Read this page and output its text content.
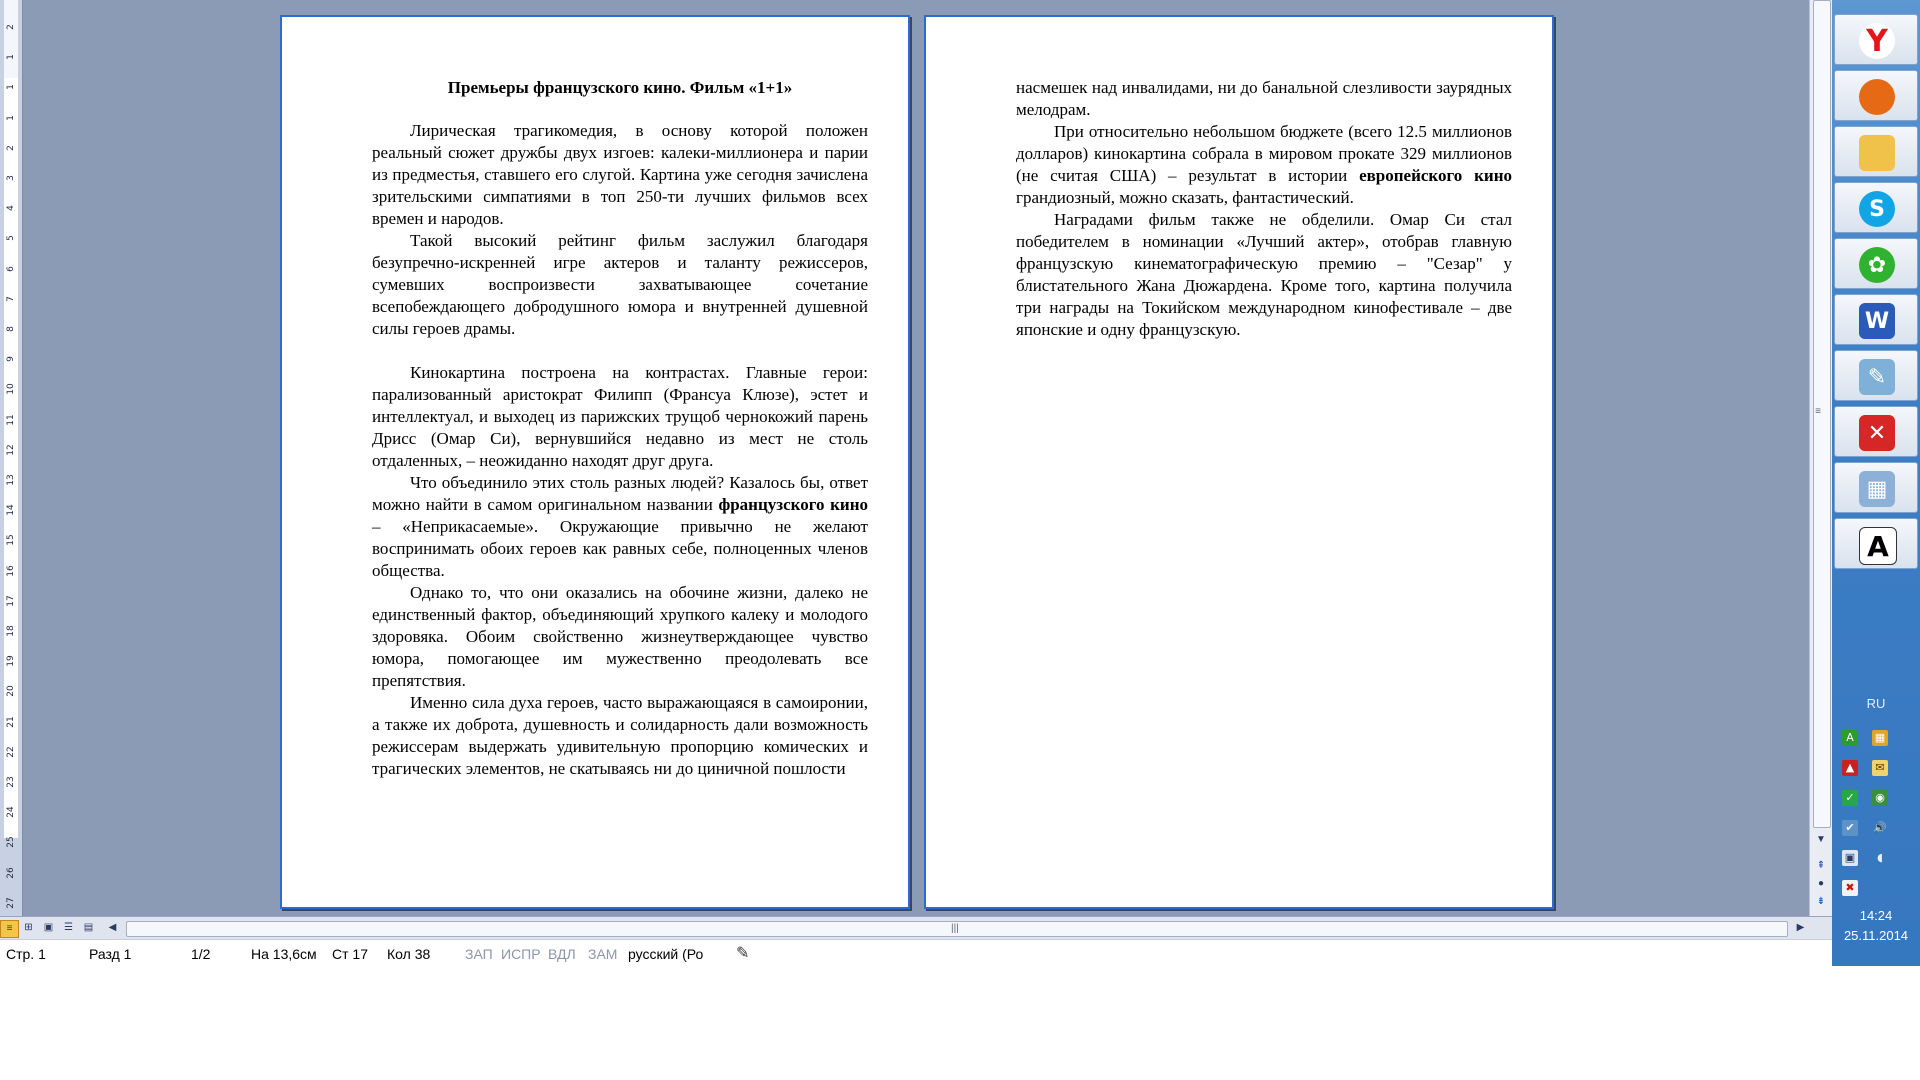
2
1
1
1
2
3
4
5
6
7
8
9
10
11
12
13
14
15
16
17
18
19
20
21
22
23
24
25
26
27
Премьеры французского кино. Фильм «1+1»

Лирическая трагикомедия, в основу которой положен реальный сюжет дружбы двух изгоев: калеки-миллионера и парии из предместья, ставшего его слугой. Картина уже сегодня зачислена зрительскими симпатиями в топ 250-ти лучших фильмов всех времен и народов.

Такой высокий рейтинг фильм заслужил благодаря безупречно-искренней игре актеров и таланту режиссеров, сумевших воспроизвести захватывающее сочетание всепобеждающего добродушного юмора и внутренней душевной силы героев драмы.

Кинокартина построена на контрастах. Главные герои: парализованный аристократ Филипп (Франсуа Клюзе), эстет и интеллектуал, и выходец из парижских трущоб чернокожий парень Дрисс (Омар Си), вернувшийся недавно из мест не столь отдаленных, – неожиданно находят друг друга.

Что объединило этих столь разных людей? Казалось бы, ответ можно найти в самом оригинальном названии французского кино – «Неприкасаемые». Окружающие привычно не желают воспринимать обоих героев как равных себе, полноценных членов общества.

Однако то, что они оказались на обочине жизни, далеко не единственный фактор, объединяющий хрупкого калеку и молодого здоровяка. Обоим свойственно жизнеутверждающее чувство юмора, помогающее им мужественно преодолевать все препятствия.

Именно сила духа героев, часто выражающаяся в самоиронии, а также их доброта, душевность и солидарность дали возможность режиссерам выдержать удивительную пропорцию комических и трагических элементов, не скатываясь ни до циничной пошлости

насмешек над инвалидами, ни до банальной слезливости заурядных мелодрам.

При относительно небольшом бюджете (всего 12.5 миллионов долларов) кинокартина собрала в мировом прокате 329 миллионов (не считая США) – результат в истории европейского кино грандиозный, можно сказать, фантастический.

Наградами фильм также не обделили. Омар Си стал победителем в номинации «Лучший актер», отобрав главную французскую кинематографическую премию – "Сезар" у блистательного Жана Дюжардена. Кроме того, картина получила три награды на Токийском международном кинофестивале – две японские и одну французскую.

≡
▼
⇞
●
⇟
≡	⊞	▣	☰	▤	◀	|||	▶
Стр. 1	Разд 1	1/2	На 13,6см Ст 17 Кол 38 ЗАП ИСПР ВДЛ ЗАМ русский (Ро ✎
Y
S
✿
W
✎
✕
▦
A
RU
A	▦
▲	✉
✓	◉
✔	🔊
▣	◖
✖
14:24
25.11.2014
